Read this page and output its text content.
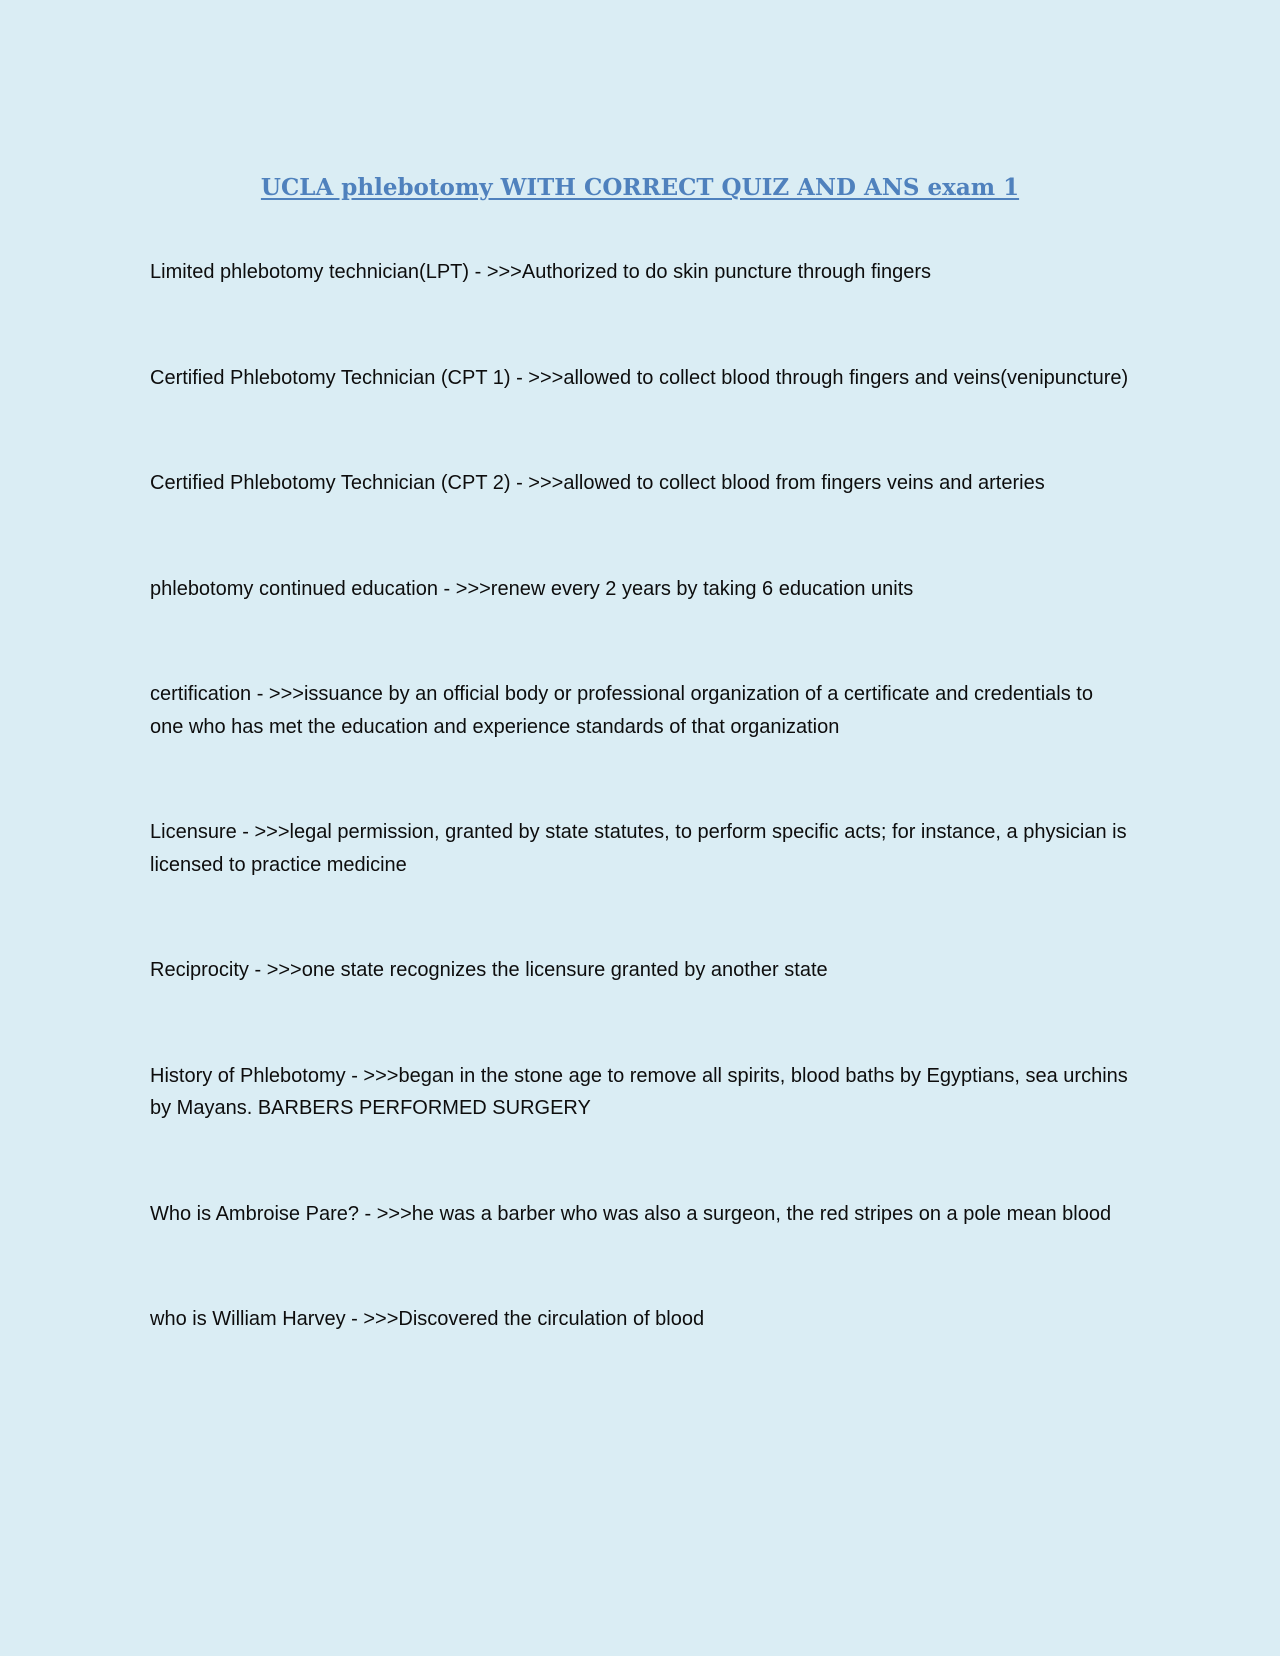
UCLA phlebotomy WITH CORRECT QUIZ AND ANS exam 1
Limited phlebotomy technician(LPT) - >>>Authorized to do skin puncture through fingers
Certified Phlebotomy Technician (CPT 1) - >>>allowed to collect blood through fingers and veins(venipuncture)
Certified Phlebotomy Technician (CPT 2) - >>>allowed to collect blood from fingers veins and arteries
phlebotomy continued education - >>>renew every 2 years by taking 6 education units
certification - >>>issuance by an official body or professional organization of a certificate and credentials to one who has met the education and experience standards of that organization
Licensure - >>>legal permission, granted by state statutes, to perform specific acts; for instance, a physician is licensed to practice medicine
Reciprocity - >>>one state recognizes the licensure granted by another state
History of Phlebotomy - >>>began in the stone age to remove all spirits, blood baths by Egyptians, sea urchins by Mayans. BARBERS PERFORMED SURGERY
Who is Ambroise Pare? - >>>he was a barber who was also a surgeon, the red stripes on a pole mean blood
who is William Harvey - >>>Discovered the circulation of blood
